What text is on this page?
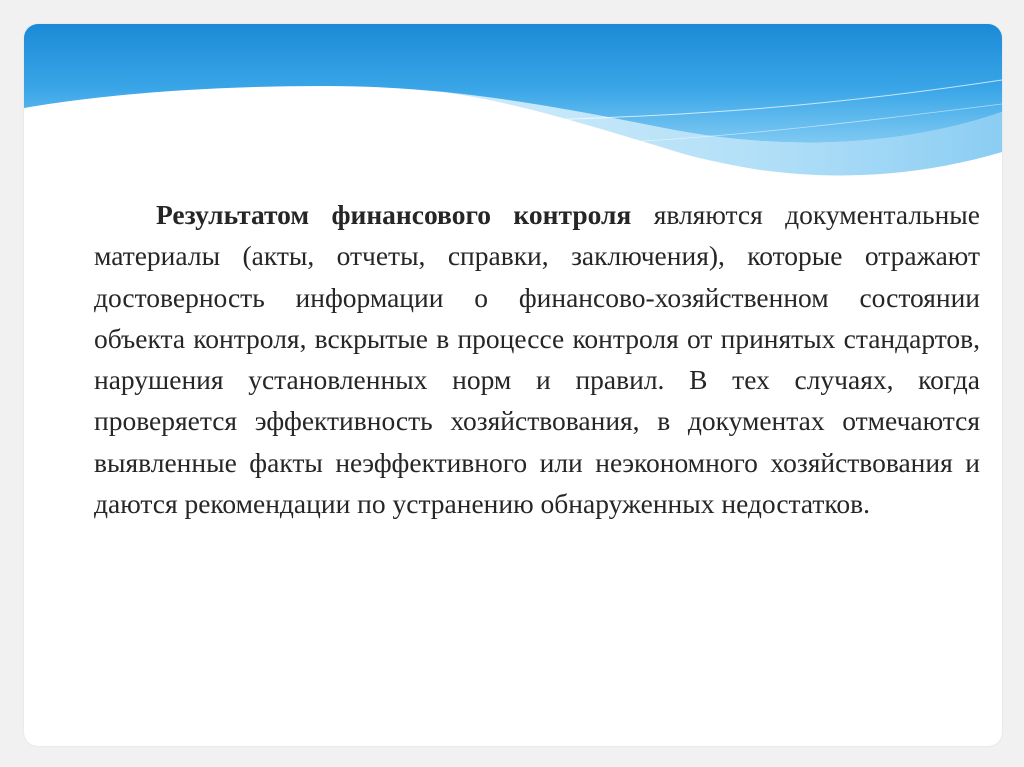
Результатом финансового контроля являются документальные материалы (акты, отчеты, справки, заключения), которые отражают достоверность информации о финансово-хозяйственном состоянии объекта контроля, вскрытые в процессе контроля от принятых стандартов, нарушения установленных норм и правил. В тех случаях, когда проверяется эффективность хозяйствования, в документах отмечаются выявленные факты неэффективного или неэкономного хозяйствования и даются рекомендации по устранению обнаруженных недостатков.
